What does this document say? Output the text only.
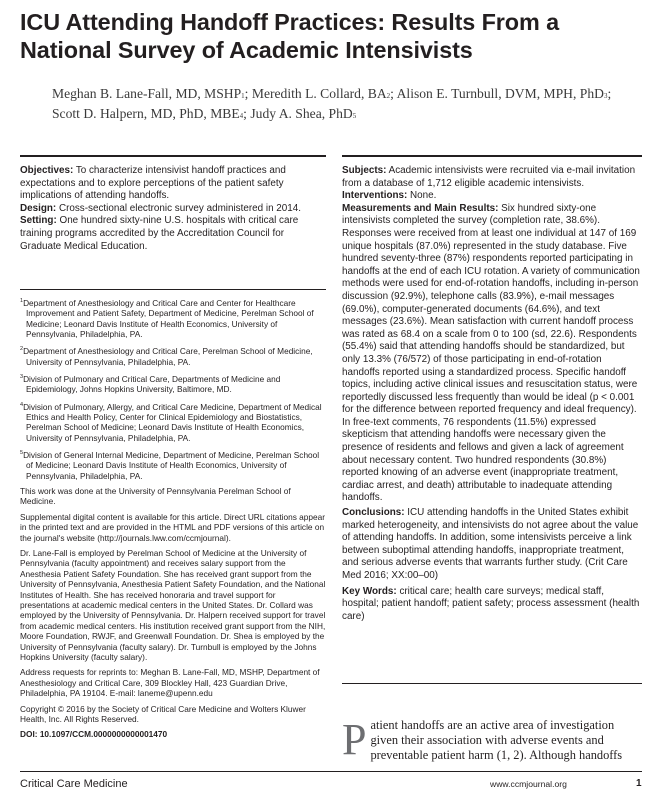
ICU Attending Handoff Practices: Results From a National Survey of Academic Intensivists
Meghan B. Lane-Fall, MD, MSHP$^1$; Meredith L. Collard, $BA^2$; Alison E. Turnbull, DVM, MPH, PhD$^3$;
Scott D. Halpern, MD, PhD, MBE$^4$; Judy A. Shea, PhD$^5$

Objectives: To characterize intensivist handoff practices and expectations and to explore perceptions of the patient safety implications of attending handoffs.

Design: Cross-sectional electronic survey administered in 2014.

Setting: One hundred sixty-nine U.S. hospitals with critical care training programs accredited by the Accreditation Council for Graduate Medical Education.

Subjects: Academic intensivists were recruited via e-mail invitation from a database of 1,712 eligible academic intensivists.

Interventions: None.

Measurements and Main Results: Six hundred sixty-one intensivists completed the survey (completion rate, 38.6%). Responses were received from at least one individual at 147 of 169 unique hospitals (87.0%) represented in the study database. Five hundred seventy-three (87%) respondents reported participating in handoffs at the end of each ICU rotation. A variety of communication methods were used for end-of-rotation handoffs, including in-person discussion (92.9%), telephone calls (83.9%), e-mail messages (69.0%), computer-generated documents (64.6%), and text messages (23.6%). Mean satisfaction with current handoff process was rated as 68.4 on a scale from 0 to 100 (sd, 22.6). Respondents (55.4%) said that attending handoffs should be standardized, but only 13.3% (76/572) of those participating in end-of-rotation handoffs reported using a standardized process. Specific handoff topics, including active clinical issues and resuscitation status, were reportedly discussed less frequently than would be ideal (p < 0.001 for the difference between reported frequency and ideal frequency). In free-text comments, 76 respondents (11.5%) expressed skepticism that attending handoffs were necessary given the presence of residents and fellows and given a lack of agreement about necessary content. Two hundred respondents (30.8%) reported knowing of an adverse event (inappropriate treatment, cardiac arrest, and death) attributable to inadequate attending handoffs.

Conclusions: ICU attending handoffs in the United States exhibit marked heterogeneity, and intensivists do not agree about the value of attending handoffs. In addition, some intensivists perceive a link between suboptimal attending handoffs, inappropriate treatment, and serious adverse events that warrants further study. (Crit Care Med 2016; XX:00–00)

Key Words: critical care; health care surveys; medical staff, hospital; patient handoff; patient safety; process assessment (health care)

$^1$Department of Anesthesiology and Critical Care and Center for Healthcare Improvement and Patient Safety, Department of Medicine, Perelman School of Medicine; Leonard Davis Institute of Health Economics, University of Pennsylvania, Philadelphia, PA.

$^2$Department of Anesthesiology and Critical Care, Perelman School of Medicine, University of Pennsylvania, Philadelphia, PA.

$^3$Division of Pulmonary and Critical Care, Departments of Medicine and Epidemiology, Johns Hopkins University, Baltimore, MD.

$^4$Division of Pulmonary, Allergy, and Critical Care Medicine, Department of Medical Ethics and Health Policy, Center for Clinical Epidemiology and Biostatistics, Perelman School of Medicine; Leonard Davis Institute of Health Economics, University of Pennsylvania, Philadelphia, PA.

$^5$Division of General Internal Medicine, Department of Medicine, Perelman School of Medicine; Leonard Davis Institute of Health Economics, University of Pennsylvania, Philadelphia, PA.

This work was done at the University of Pennsylvania Perelman School of Medicine.

Supplemental digital content is available for this article. Direct URL citations appear in the printed text and are provided in the HTML and PDF versions of this article on the journal's website (http://journals.lww.com/ccmjournal).

Dr. Lane-Fall is employed by Perelman School of Medicine at the University of Pennsylvania (faculty appointment) and receives salary support from the Anesthesia Patient Safety Foundation. She has received grant support from the University of Pennsylvania, Anesthesia Patient Safety Foundation, and the National Institutes of Health. She has received honoraria and travel support for presentations at academic medical centers in the United States. Dr. Collard was employed by the University of Pennsylvania. Dr. Halpern received support for travel from academic medical centers. His institution received grant support from the NIH, Moore Foundation, RWJF, and Greenwall Foundation. Dr. Shea is employed by the University of Pennsylvania (faculty salary). Dr. Turnbull is employed by the Johns Hopkins University (faculty salary).

Address requests for reprints to: Meghan B. Lane-Fall, MD, MSHP, Department of Anesthesiology and Critical Care, 309 Blockley Hall, 423 Guardian Drive, Philadelphia, PA 19104. E-mail: laneme@upenn.edu

Copyright © 2016 by the Society of Critical Care Medicine and Wolters Kluwer Health, Inc. All Rights Reserved.

DOI: 10.1097/CCM.0000000000001470	Patient handoffs are an active area of investigation given their association with adverse events and preventable patient harm (1, 2). Although handoffs
Critical Care Medicine	www.ccmjournal.org	1
